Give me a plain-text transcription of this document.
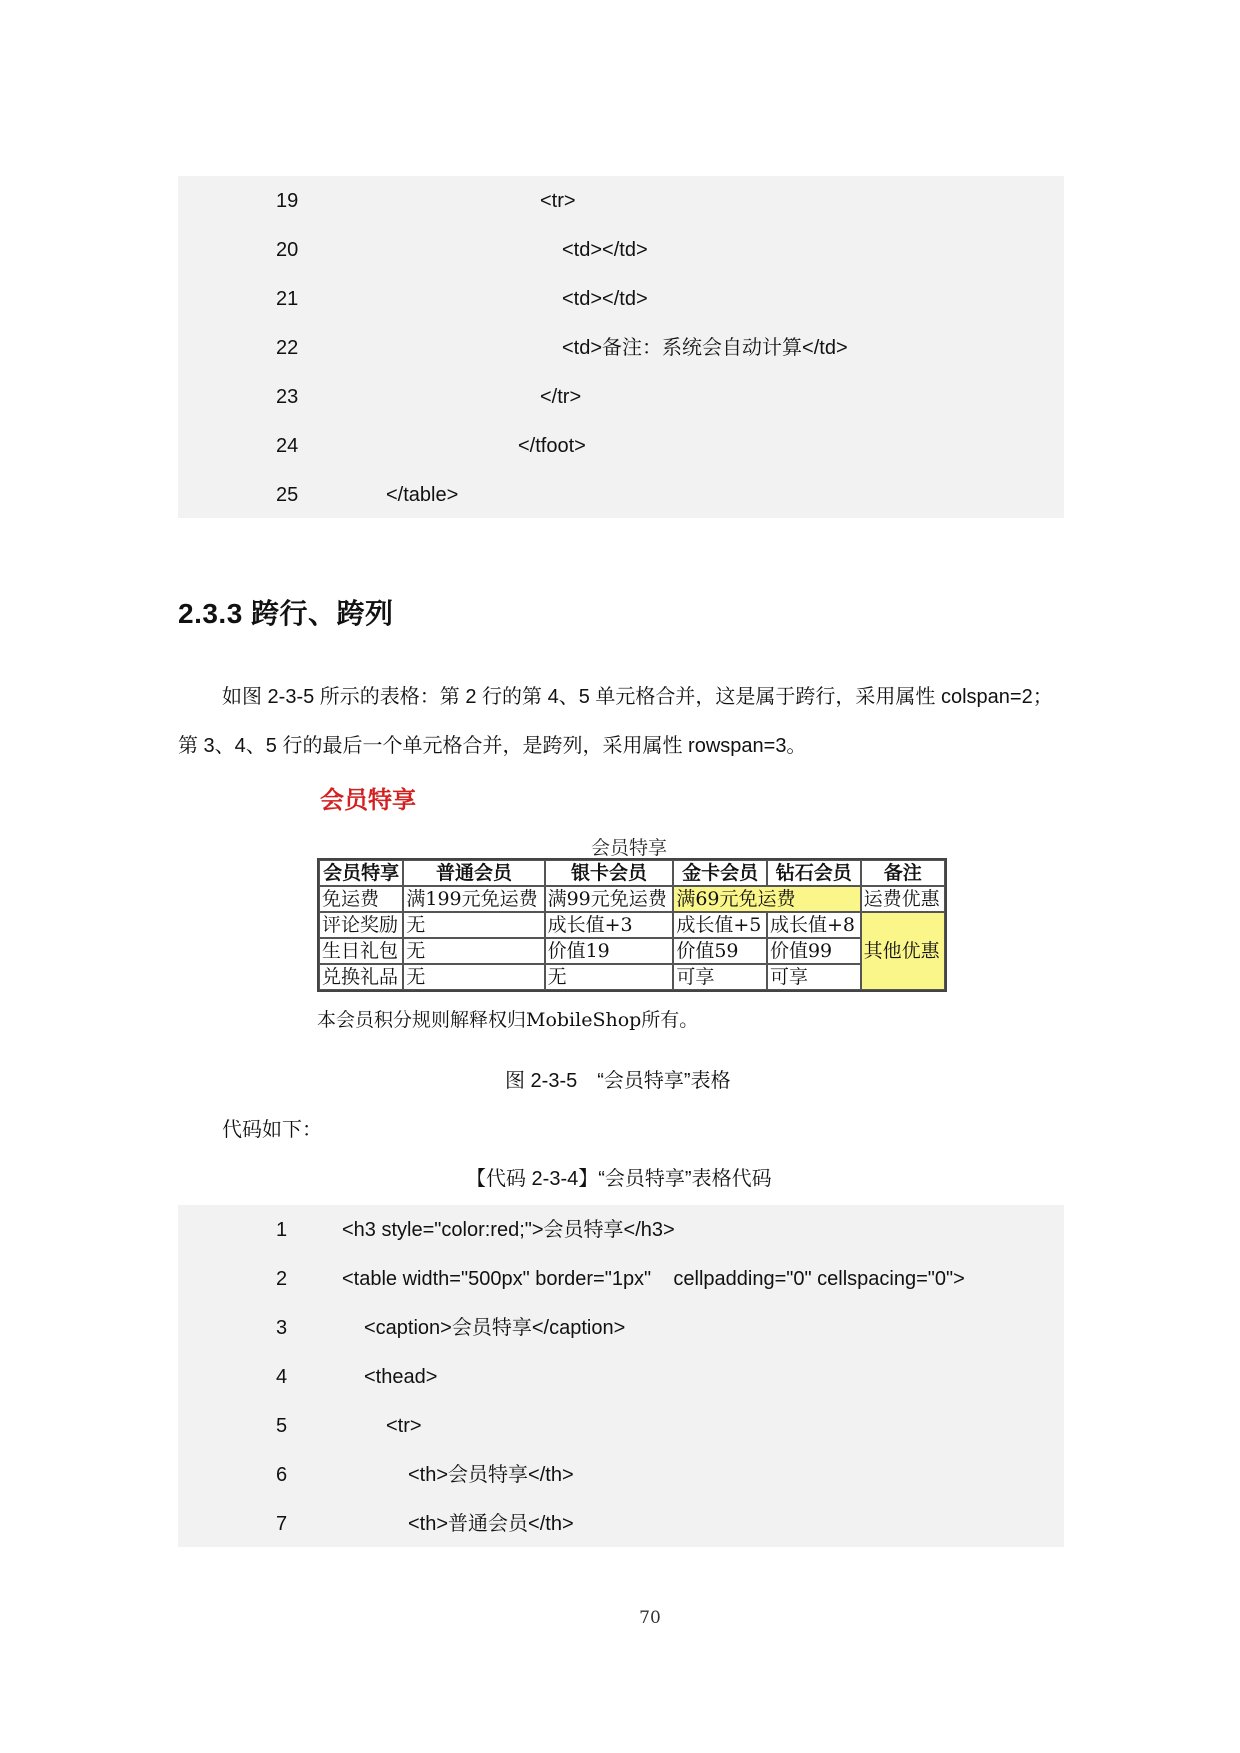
19	<tr>
20	<td></td>
21	<td></td>
22	<td>备注：系统会自动计算</td>
23	</tr>
24	</tfoot>
25	</table>
2.3.3 跨行、跨列
如图 2-3-5 所示的表格：第 2 行的第 4、5 单元格合并，这是属于跨行，采用属性 colspan=2；
第 3、4、5 行的最后一个单元格合并，是跨列，采用属性 rowspan=3。
会员特享
会员特享
会员特享	普通会员	银卡会员	金卡会员	钻石会员	备注
免运费	满199元免运费	满99元免运费	满69元免运费		运费优惠
评论奖励	无	成长值+3	成长值+5	成长值+8	其他优惠
生日礼包	无	价值19	价值59	价值99	
兑换礼品	无	无	可享	可享	
本会员积分规则解释权归MobileShop所有。
图 2-3-5　“会员特享”表格
代码如下：
【代码 2-3-4】“会员特享”表格代码
1	<h3 style="color:red;">会员特享</h3>
2	<table width="500px" border="1px"    cellpadding="0" cellspacing="0">
3	<caption>会员特享</caption>
4	<thead>
5	<tr>
6	<th>会员特享</th>
7	<th>普通会员</th>
70
